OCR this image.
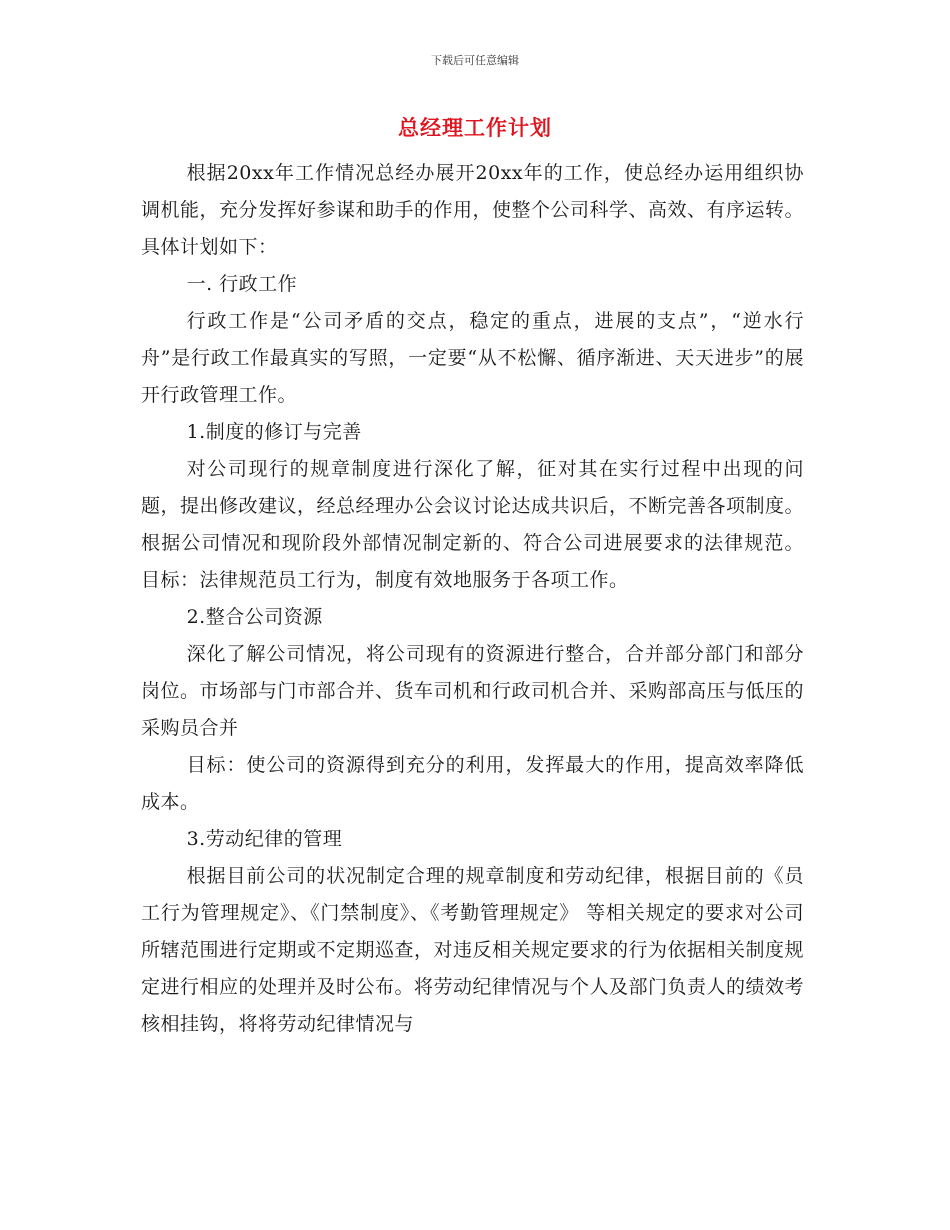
下载后可任意编辑
总经理工作计划

根据20xx年工作情况总经办展开20xx年的工作，使总经办运用组织协调机能，充分发挥好参谋和助手的作用，使整个公司科学、高效、有序运转。具体计划如下：

一. 行政工作

行政工作是“公司矛盾的交点，稳定的重点，进展的支点”，“逆水行舟”是行政工作最真实的写照，一定要“从不松懈、循序渐进、天天进步”的展开行政管理工作。

1.制度的修订与完善

对公司现行的规章制度进行深化了解，征对其在实行过程中出现的问题，提出修改建议，经总经理办公会议讨论达成共识后，不断完善各项制度。根据公司情况和现阶段外部情况制定新的、符合公司进展要求的法律规范。 目标：法律规范员工行为，制度有效地服务于各项工作。

2.整合公司资源

深化了解公司情况，将公司现有的资源进行整合，合并部分部门和部分岗位。市场部与门市部合并、货车司机和行政司机合并、采购部高压与低压的采购员合并

目标：使公司的资源得到充分的利用，发挥最大的作用，提高效率降低成本。

3.劳动纪律的管理

根据目前公司的状况制定合理的规章制度和劳动纪律，根据目前的《员工行为管理规定》、《门禁制度》、《考勤管理规定》 等相关规定的要求对公司所辖范围进行定期或不定期巡查，对违反相关规定要求的行为依据相关制度规定进行相应的处理并及时公布。将劳动纪律情况与个人及部门负责人的绩效考核相挂钩，将将劳动纪律情况与
